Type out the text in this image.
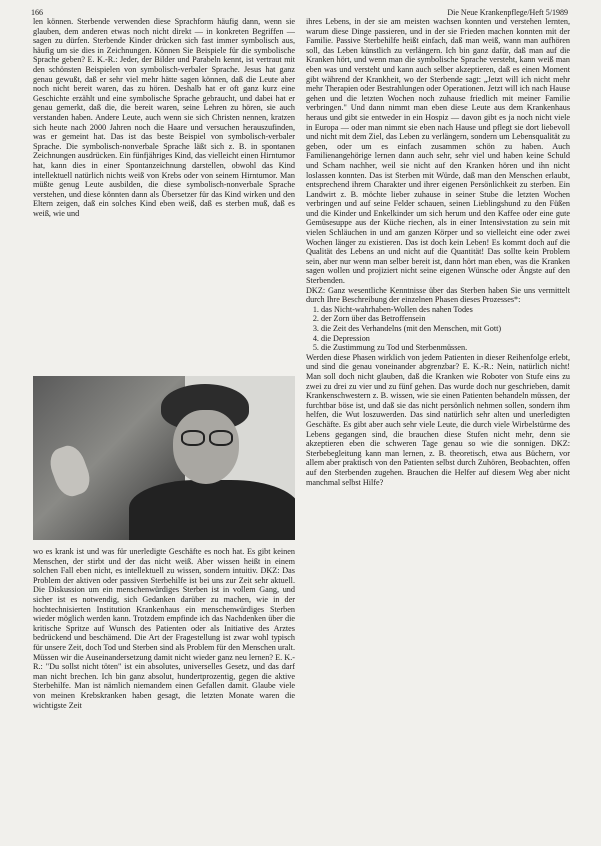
166	Die Neue Krankenpflege/Heft 5/1989

len können. Sterbende verwenden diese Sprachform häufig dann, wenn sie glauben, dem anderen etwas noch nicht direkt — in konkreten Begriffen — sagen zu dürfen. Sterbende Kinder drücken sich fast immer symbolisch aus, häufig um sie dies in Zeichnungen. Können Sie Beispiele für die symbolische Sprache geben? E. K.-R.: Jeder, der Bilder und Parabeln kennt, ist vertraut mit den schönsten Beispielen von symbolisch-verbaler Sprache. Jesus hat ganz genau gewußt, daß er sehr viel mehr hätte sagen können, daß die Leute aber noch nicht bereit waren, das zu hören. Deshalb hat er oft ganz kurz eine Geschichte erzählt und eine symbolische Sprache gebraucht, und dabei hat er genau gemerkt, daß die, die bereit waren, seine Lehren zu hören, sie auch verstanden haben. Andere Leute, auch wenn sie sich Christen nennen, kratzen sich heute nach 2000 Jahren noch die Haare und versuchen herauszufinden, was er gemeint hat. Das ist das beste Beispiel von symbolisch-verbaler Sprache. Die symbolisch-nonverbale Sprache läßt sich z. B. in spontanen Zeichnungen ausdrücken. Ein fünfjähriges Kind, das vielleicht einen Hirntumor hat, kann dies in einer Spontanzeichnung darstellen, obwohl das Kind intellektuell natürlich nichts weiß von Krebs oder von seinem Hirntumor. Man müßte genug Leute ausbilden, die diese symbolisch-nonverbale Sprache verstehen, und diese könnten dann als Übersetzer für das Kind wirken und den Eltern zeigen, daß ein solches Kind eben weiß, daß es sterben muß, daß es weiß, wie und

wo es krank ist und was für unerledigte Geschäfte es noch hat. Es gibt keinen Menschen, der stirbt und der das nicht weiß. Aber wissen heißt in einem solchen Fall eben nicht, es intellektuell zu wissen, sondern intuitiv. DKZ: Das Problem der aktiven oder passiven Sterbehilfe ist bei uns zur Zeit sehr aktuell. Die Diskussion um ein menschenwürdiges Sterben ist in vollem Gang, und sicher ist es notwendig, sich Gedanken darüber zu machen, wie in der hochtechnisierten Institution Krankenhaus ein menschenwürdiges Sterben wieder möglich werden kann. Trotzdem empfinde ich das Nachdenken über die kritische Spritze auf Wunsch des Patienten oder als Initiative des Arztes bedrückend und beschämend. Die Art der Fragestellung ist zwar wohl typisch für unsere Zeit, doch Tod und Sterben sind als Problem für den Menschen uralt. Müssen wir die Auseinandersetzung damit nicht wieder ganz neu lernen? E. K.-R.: "Du sollst nicht töten" ist ein absolutes, universelles Gesetz, und das darf man nicht brechen. Ich bin ganz absolut, hundertprozentig, gegen die aktive Sterbehilfe. Man ist nämlich niemandem einen Gefallen damit. Glaube viele von meinen Krebskranken haben gesagt, die letzten Monate waren die wichtigste Zeit

ihres Lebens, in der sie am meisten wachsen konnten und verstehen lernten, warum diese Dinge passieren, und in der sie Frieden machen konnten mit der Familie. Passive Sterbehilfe heißt einfach, daß man weiß, wann man aufhören soll, das Leben künstlich zu verlängern. Ich bin ganz dafür, daß man auf die Kranken hört, und wenn man die symbolische Sprache versteht, kann weiß man eben was und versteht und kann auch selber akzeptieren, daß es einen Moment gibt während der Krankheit, wo der Sterbende sagt: „Jetzt will ich nicht mehr mehr Therapien oder Bestrahlungen oder Operationen. Jetzt will ich nach Hause gehen und die letzten Wochen noch zuhause friedlich mit meiner Familie verbringen." Und dann nimmt man eben diese Leute aus dem Krankenhaus heraus und gibt sie entweder in ein Hospiz — davon gibt es ja noch nicht viele in Europa — oder man nimmt sie eben nach Hause und pflegt sie dort liebevoll und nicht mit dem Ziel, das Leben zu verlängern, sondern um Lebensqualität zu geben, oder um es einfach zusammen schön zu haben. Auch Familienangehörige lernen dann auch sehr, sehr viel und haben keine Schuld und Scham nachher, weil sie nicht auf den Kranken hören und ihn nicht loslassen konnten. Das ist Sterben mit Würde, daß man den Menschen erlaubt, entsprechend ihrem Charakter und ihrer eigenen Persönlichkeit zu sterben. Ein Landwirt z. B. möchte lieber zuhause in seiner Stube die letzten Wochen verbringen und auf seine Felder schauen, seinen Lieblingshund zu den Füßen und die Kinder und Enkelkinder um sich herum und den Kaffee oder eine gute Gemüsesuppe aus der Küche riechen, als in einer Intensivstation zu sein mit vielen Schläuchen in und am ganzen Körper und so vielleicht eine oder zwei Wochen länger zu existieren. Das ist doch kein Leben! Es kommt doch auf die Qualität des Lebens an und nicht auf die Quantität! Das sollte kein Problem sein, aber nur wenn man selber bereit ist, dann hört man eben, was die Kranken sagen wollen und projiziert nicht seine eigenen Wünsche oder Ängste auf den Sterbenden.

DKZ: Ganz wesentliche Kenntnisse über das Sterben haben Sie uns vermittelt durch Ihre Beschreibung der einzelnen Phasen dieses Prozesses*:

1. das Nicht-wahrhaben-Wollen des nahen Todes
2. der Zorn über das Betroffensein
3. die Zeit des Verhandelns (mit den Menschen, mit Gott)
4. die Depression
5. die Zustimmung zu Tod und Sterbenmüssen.

Werden diese Phasen wirklich von jedem Patienten in dieser Reihenfolge erlebt, und sind die genau voneinander abgrenzbar? E. K.-R.: Nein, natürlich nicht! Man soll doch nicht glauben, daß die Kranken wie Roboter von Stufe eins zu zwei zu drei zu vier und zu fünf gehen. Das wurde doch nur geschrieben, damit Krankenschwestern z. B. wissen, wie sie einen Patienten behandeln müssen, der furchtbar böse ist, und daß sie das nicht persönlich nehmen sollen, sondern ihm helfen, die Wut loszuwerden. Das sind natürlich sehr alten und unerledigten Geschäfte. Es gibt aber auch sehr viele Leute, die durch viele Wirbelstürme des Lebens gegangen sind, die brauchen diese Stufen nicht mehr, denn sie akzeptieren eben die schweren Tage genau so wie die sonnigen. DKZ: Sterbebegleitung kann man lernen, z. B. theoretisch, etwa aus Büchern, vor allem aber praktisch von den Patienten selbst durch Zuhören, Beobachten, offen auf den Sterbenden zugehen. Brauchen die Helfer auf diesem Weg aber nicht manchmal selbst Hilfe?
